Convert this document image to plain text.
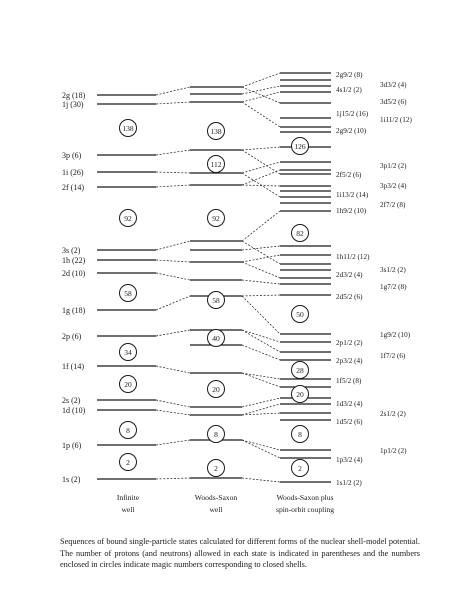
138
92
58
34
20
8
2
138
112
92
58
40
20
8
2
126
82
50
28
20
8
2
2g (18)
1j (30)
3p (6)
1i (26)
2f (14)
3s (2)
1h (22)
2d (10)
1g (18)
2p (6)
1f (14)
2s (2)
1d (10)
1p (6)
1s (2)
2g9/2 (8)
4s1/2 (2)
1j15/2 (16)
2g9/2 (10)
2f5/2 (6)
1i13/2 (14)
1h9/2 (10)
1h11/2 (12)
2d3/2 (4)
2d5/2 (6)
2p1/2 (2)
2p3/2 (4)
1f5/2 (8)
1d3/2 (4)
1d5/2 (6)
1p3/2 (4)
1s1/2 (2)
3d3/2 (4)
3d5/2 (6)
1i11/2 (12)
3p1/2 (2)
3p3/2 (4)
2f7/2 (8)
3s1/2 (2)
1g7/2 (8)
1g9/2 (10)
1f7/2 (6)
2s1/2 (2)
1p1/2 (2)
Infinite
well
Woods-Saxon
well
Woods-Saxon plus
spin-orbit coupling

Sequences of bound single-particle states calculated for different forms of the nuclear shell-model potential. The number of protons (and neutrons) allowed in each state is indicated in parentheses and the numbers enclosed in circles indicate magic numbers corresponding to closed shells.
